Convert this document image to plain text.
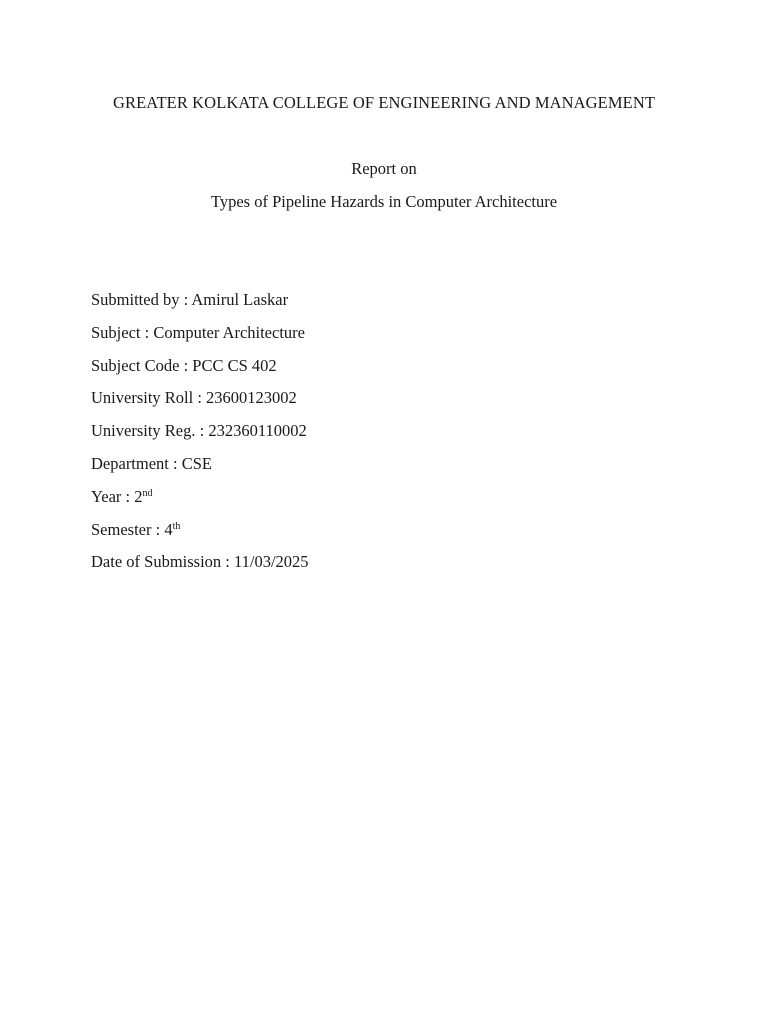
GREATER KOLKATA COLLEGE OF ENGINEERING AND MANAGEMENT
Report on
Types of Pipeline Hazards in Computer Architecture
Submitted by : Amirul Laskar
Subject : Computer Architecture
Subject Code : PCC CS 402
University Roll : 23600123002
University Reg. : 232360110002
Department : CSE
Year : 2nd
Semester : 4th
Date of Submission : 11/03/2025
